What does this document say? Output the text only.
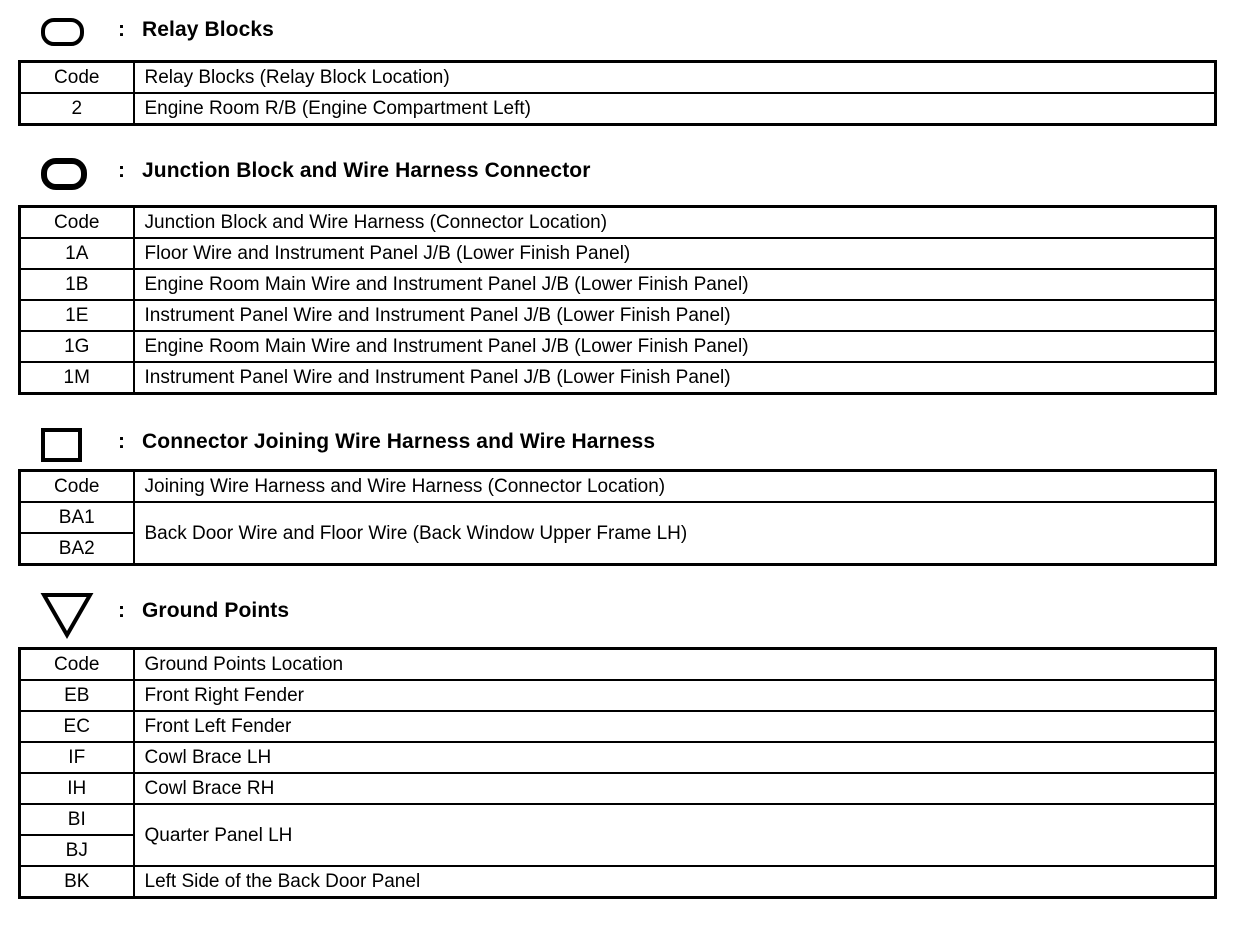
: Relay Blocks
Code	Relay Blocks (Relay Block Location)
2	Engine Room R/B (Engine Compartment Left)
: Junction Block and Wire Harness Connector
Code	Junction Block and Wire Harness (Connector Location)
1A	Floor Wire and Instrument Panel J/B (Lower Finish Panel)
1B	Engine Room Main Wire and Instrument Panel J/B (Lower Finish Panel)
1E	Instrument Panel Wire and Instrument Panel J/B (Lower Finish Panel)
1G	Engine Room Main Wire and Instrument Panel J/B (Lower Finish Panel)
1M	Instrument Panel Wire and Instrument Panel J/B (Lower Finish Panel)
: Connector Joining Wire Harness and Wire Harness
Code	Joining Wire Harness and Wire Harness (Connector Location)
BA1	Back Door Wire and Floor Wire (Back Window Upper Frame LH)
BA2	
: Ground Points
Code	Ground Points Location
EB	Front Right Fender
EC	Front Left Fender
IF	Cowl Brace LH
IH	Cowl Brace RH
BI	Quarter Panel LH
BJ	
BK	Left Side of the Back Door Panel
